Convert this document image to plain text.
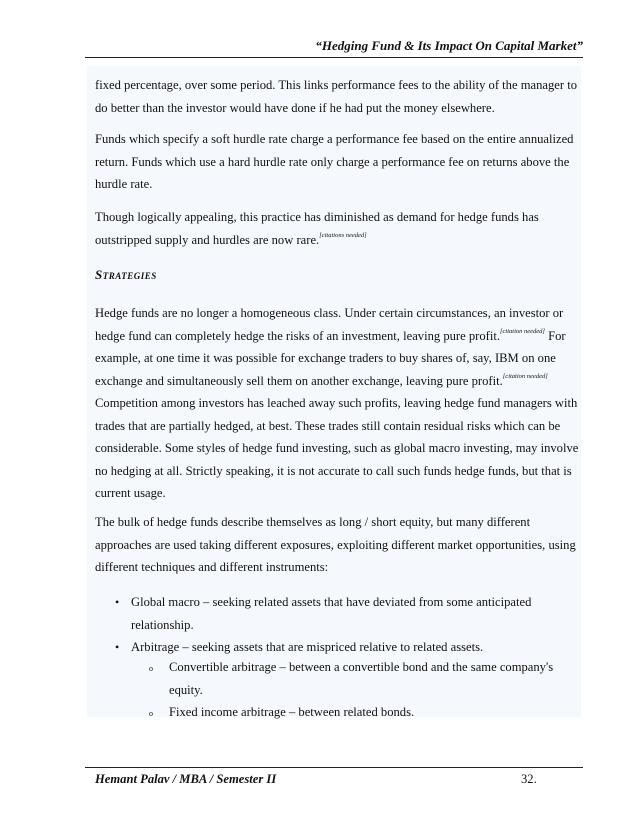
“Hedging Fund & Its Impact On Capital Market”

fixed percentage, over some period. This links performance fees to the ability of the manager to do better than the investor would have done if he had put the money elsewhere.

Funds which specify a soft hurdle rate charge a performance fee based on the entire annualized return. Funds which use a hard hurdle rate only charge a performance fee on returns above the hurdle rate.

Though logically appealing, this practice has diminished as demand for hedge funds has outstripped supply and hurdles are now rare.[citations needed]

Strategies

Hedge funds are no longer a homogeneous class. Under certain circumstances, an investor or hedge fund can completely hedge the risks of an investment, leaving pure profit.[citation needed] For example, at one time it was possible for exchange traders to buy shares of, say, IBM on one exchange and simultaneously sell them on another exchange, leaving pure profit.[citation needed] Competition among investors has leached away such profits, leaving hedge fund managers with trades that are partially hedged, at best. These trades still contain residual risks which can be considerable. Some styles of hedge fund investing, such as global macro investing, may involve no hedging at all. Strictly speaking, it is not accurate to call such funds hedge funds, but that is current usage.

The bulk of hedge funds describe themselves as long / short equity, but many different approaches are used taking different exposures, exploiting different market opportunities, using different techniques and different instruments:

• Global macro – seeking related assets that have deviated from some anticipated relationship.
• Arbitrage – seeking assets that are mispriced relative to related assets.
o Convertible arbitrage – between a convertible bond and the same company's equity.
o Fixed income arbitrage – between related bonds.
Hemant Palav / MBA / Semester II	32.
